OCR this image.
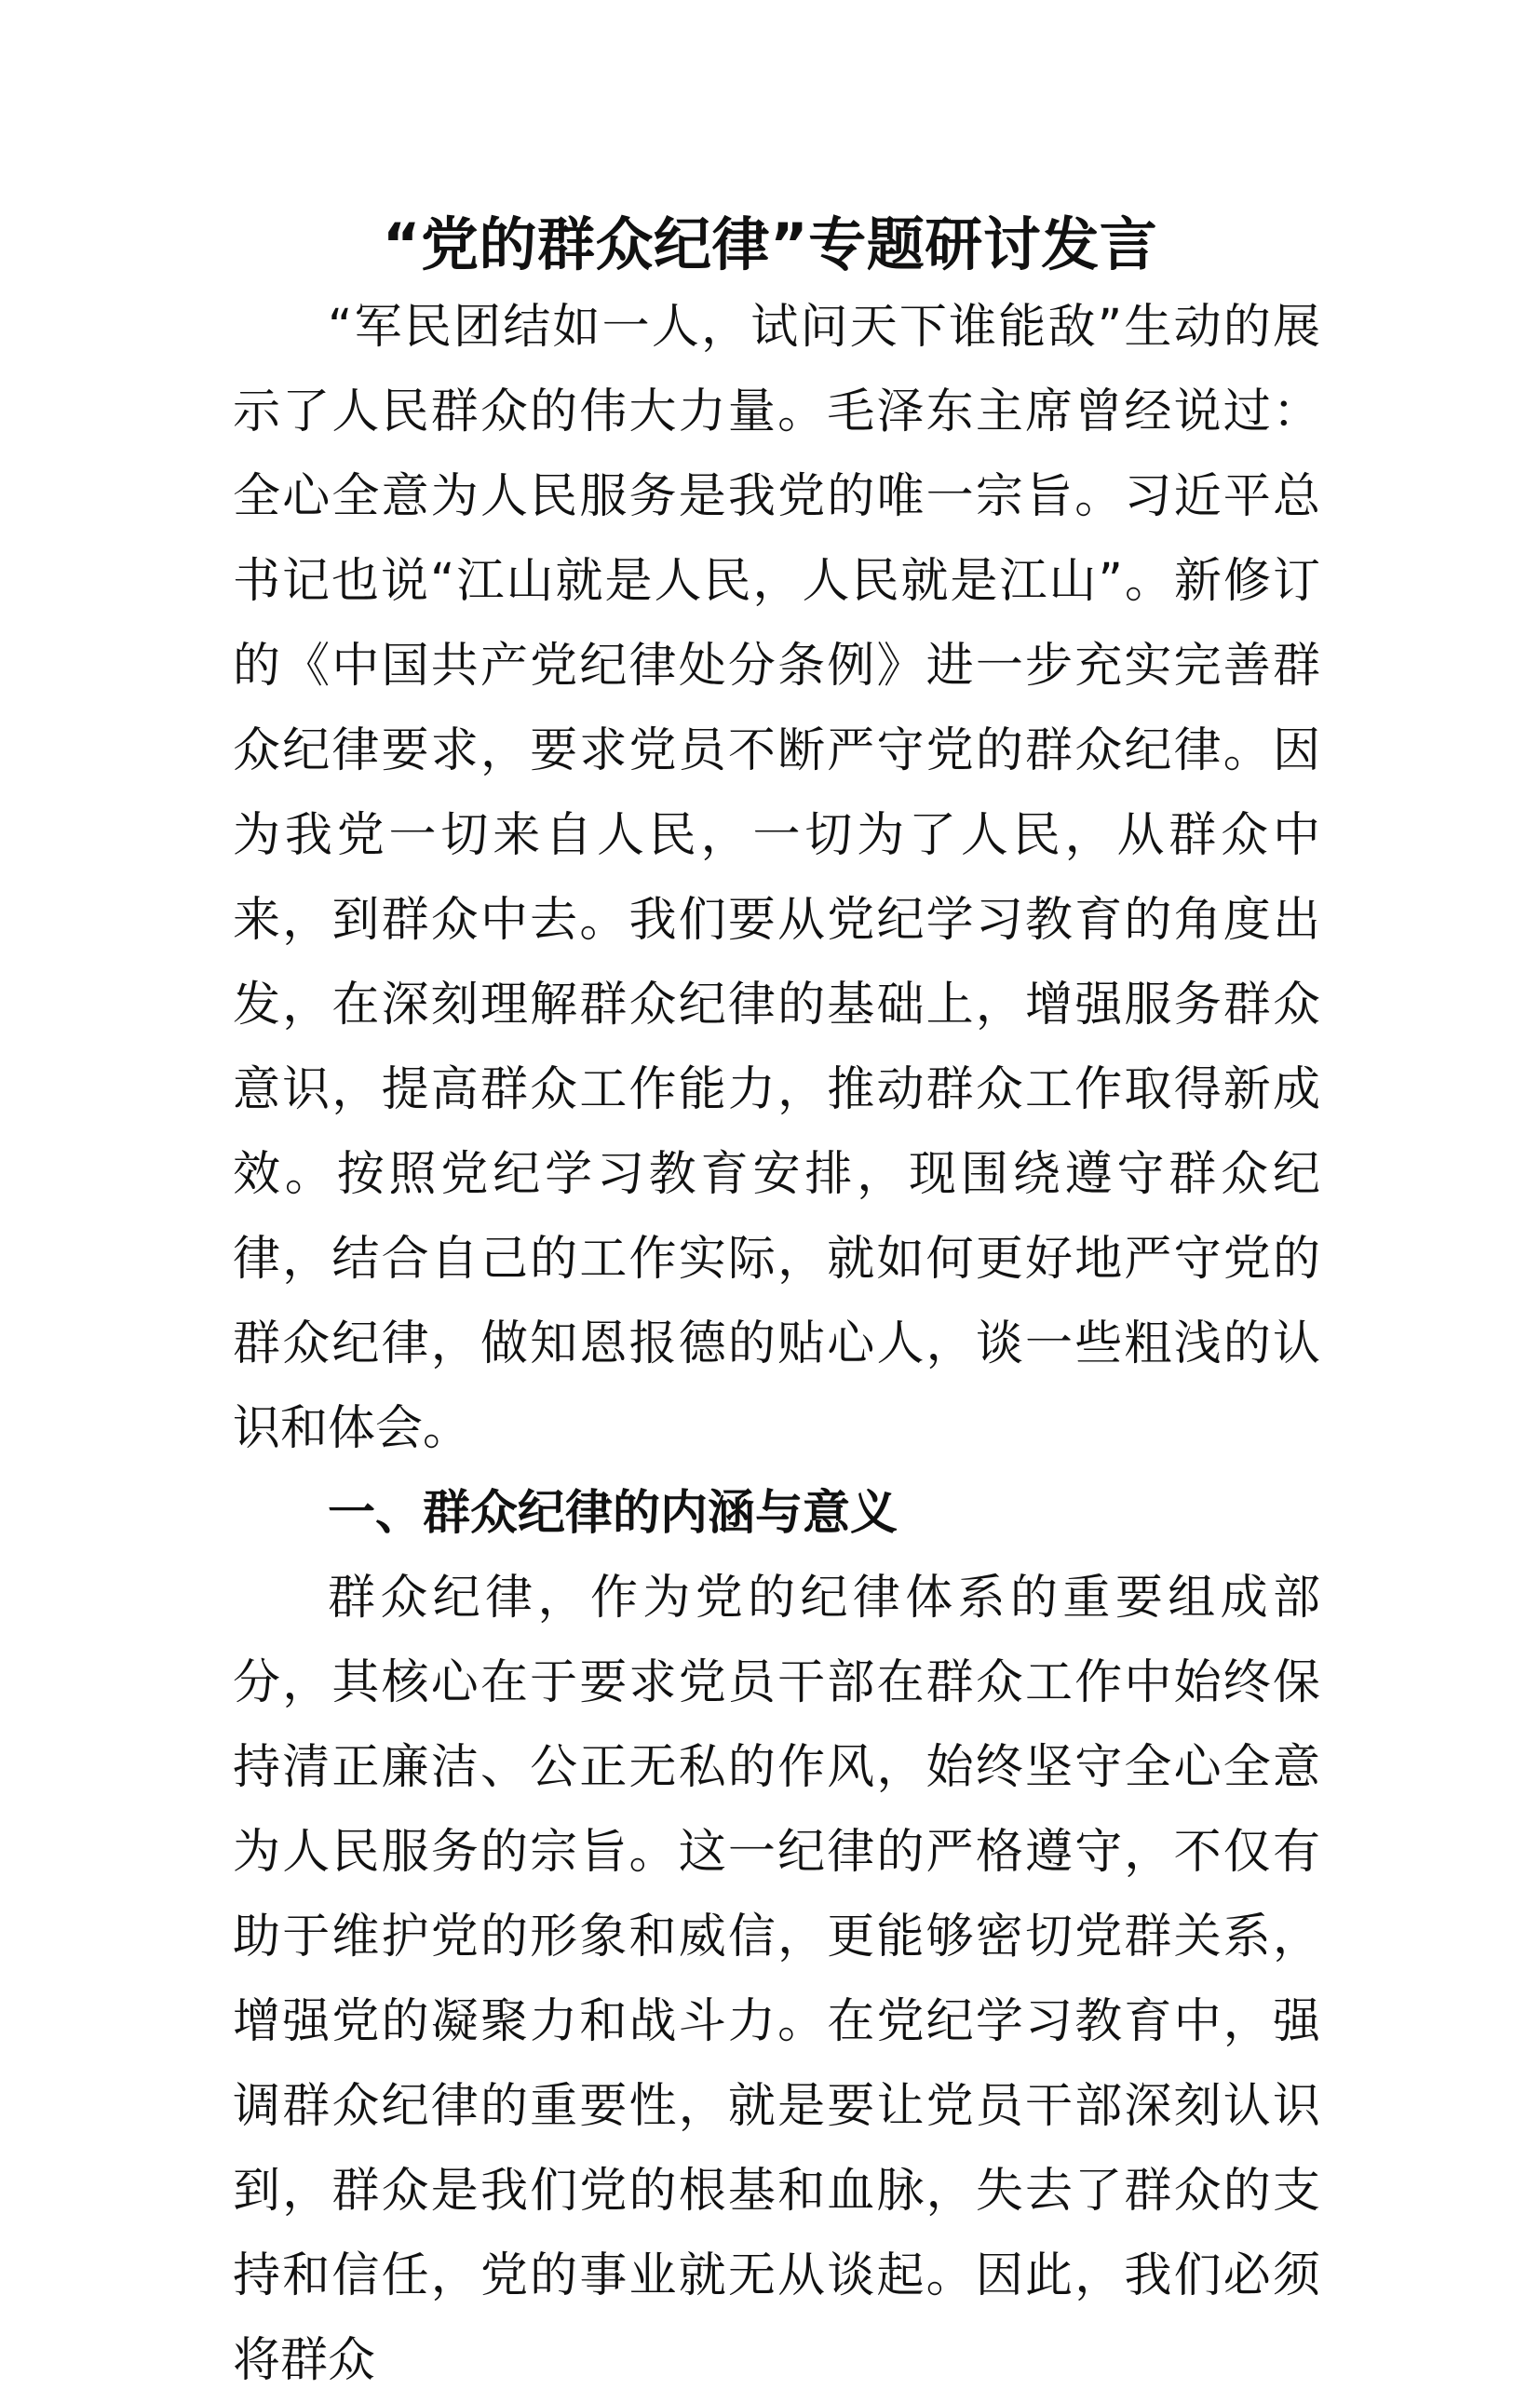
“党的群众纪律”专题研讨发言

“军民团结如一人，试问天下谁能敌”生动的展示了人民群众的伟大力量。毛泽东主席曾经说过：全心全意为人民服务是我党的唯一宗旨。习近平总书记也说“江山就是人民，人民就是江山”。新修订的《中国共产党纪律处分条例》进一步充实完善群众纪律要求，要求党员不断严守党的群众纪律。因为我党一切来自人民，一切为了人民，从群众中来，到群众中去。我们要从党纪学习教育的角度出发，在深刻理解群众纪律的基础上，增强服务群众意识，提高群众工作能力，推动群众工作取得新成效。按照党纪学习教育安排，现围绕遵守群众纪律，结合自己的工作实际，就如何更好地严守党的群众纪律，做知恩报德的贴心人，谈一些粗浅的认识和体会。

一、群众纪律的内涵与意义

群众纪律，作为党的纪律体系的重要组成部分，其核心在于要求党员干部在群众工作中始终保持清正廉洁、公正无私的作风，始终坚守全心全意为人民服务的宗旨。这一纪律的严格遵守，不仅有助于维护党的形象和威信，更能够密切党群关系，增强党的凝聚力和战斗力。在党纪学习教育中，强调群众纪律的重要性，就是要让党员干部深刻认识到，群众是我们党的根基和血脉，失去了群众的支持和信任，党的事业就无从谈起。因此，我们必须将群众
